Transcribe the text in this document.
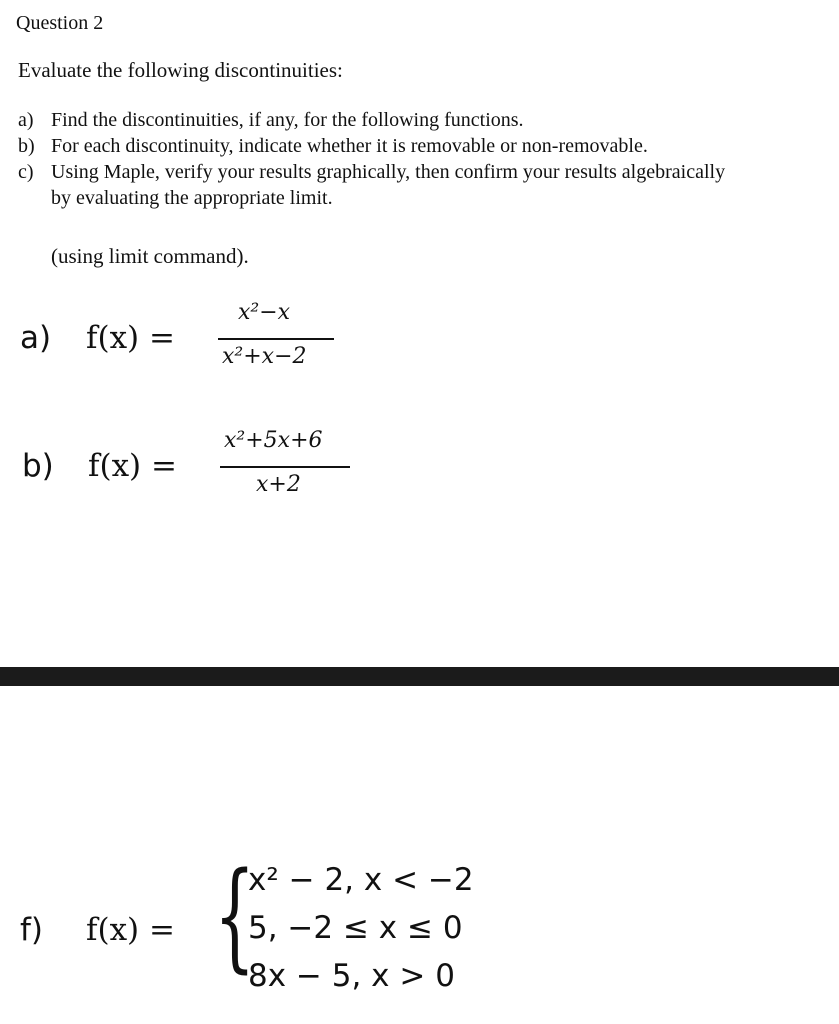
Question 2
Evaluate the following discontinuities:
a) Find the discontinuities, if any, for the following functions.
b) For each discontinuity, indicate whether it is removable or non-removable.
c) Using Maple, verify your results graphically, then confirm your results algebraically
by evaluating the appropriate limit.
(using limit command).
a) f(x) =
x²−x
x²+x−2
b) f(x) =
x²+5x+6
x+2
f) f(x) = {
x² − 2, x < −2
5, −2 ≤ x ≤ 0
8x − 5, x > 0
